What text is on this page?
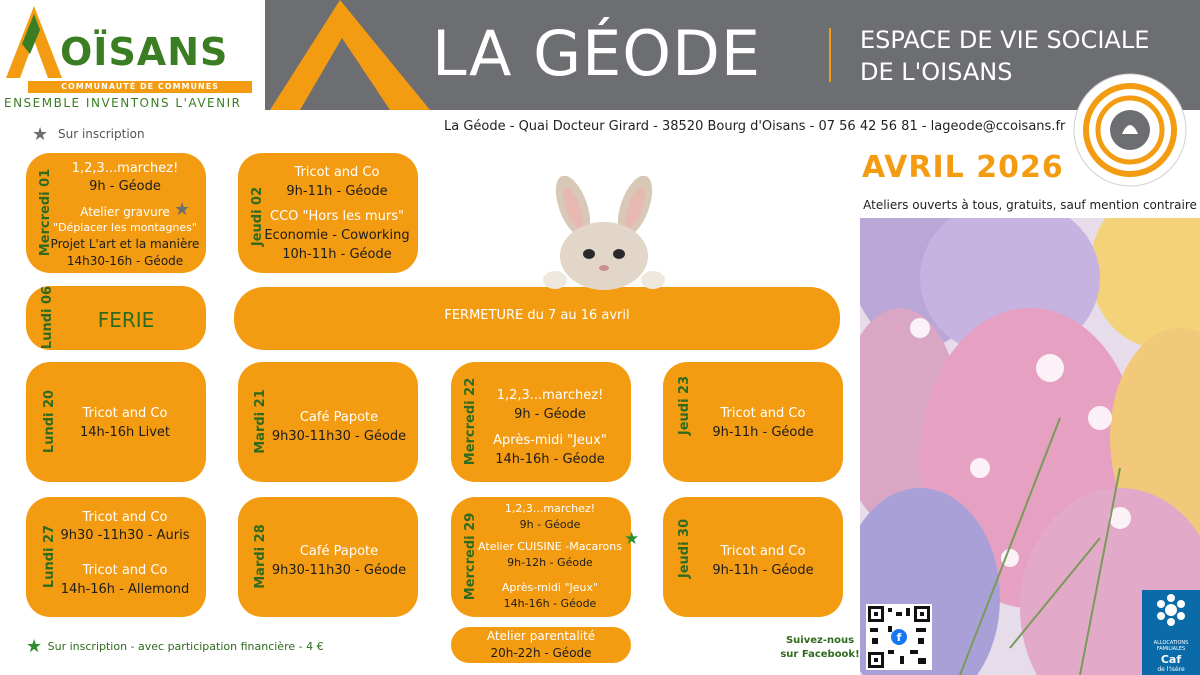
LA GÉODE	ESPACE DE VIE SOCIALE
DE L'OISANS
OÏSANS
COMMUNAUTÉ DE COMMUNES
ENSEMBLE INVENTONS L'AVENIR
La Géode - Quai Docteur Girard - 38520 Bourg d'Oisans - 07 56 42 56 81 - lageode@ccoisans.fr
★ Sur inscription
AVRIL 2026
Ateliers ouverts à tous, gratuits, sauf mention contraire
Mercredi 01
1,2,3...marchez!
9h - Géode
Atelier gravure
"Déplacer les montagnes"
Projet L'art et la manière
14h30-16h - Géode
★	Jeudi 02
Tricot and Co
9h-11h - Géode
CCO "Hors les murs"
Economie - Coworking
10h-11h - Géode
Lundi 06	FERIE	FERMETURE du 7 au 16 avril
Lundi 20	Tricot and Co
14h-16h Livet	Mardi 21	Café Papote
9h30-11h30 - Géode	Mercredi 22	1,2,3...marchez!
9h - Géode
Après-midi "Jeux"
14h-16h - Géode
Jeudi 23	Tricot and Co
9h-11h - Géode
Lundi 27
Tricot and Co
9h30 -11h30 - Auris
Tricot and Co
14h-16h - Allemond
Mardi 28	Café Papote
9h30-11h30 - Géode	Mercredi 29
1,2,3...marchez!
9h - Géode
Atelier CUISINE -Macarons
9h-12h - Géode
Après-midi "Jeux"
14h-16h - Géode
★	Jeudi 30	Tricot and Co
9h-11h - Géode
Atelier parentalité
20h-22h - Géode
★ Sur inscription - avec participation financière - 4 €	Suivez-nous
sur Facebook!
f	ALLOCATIONS FAMILIALES
Caf
de l'Isère
